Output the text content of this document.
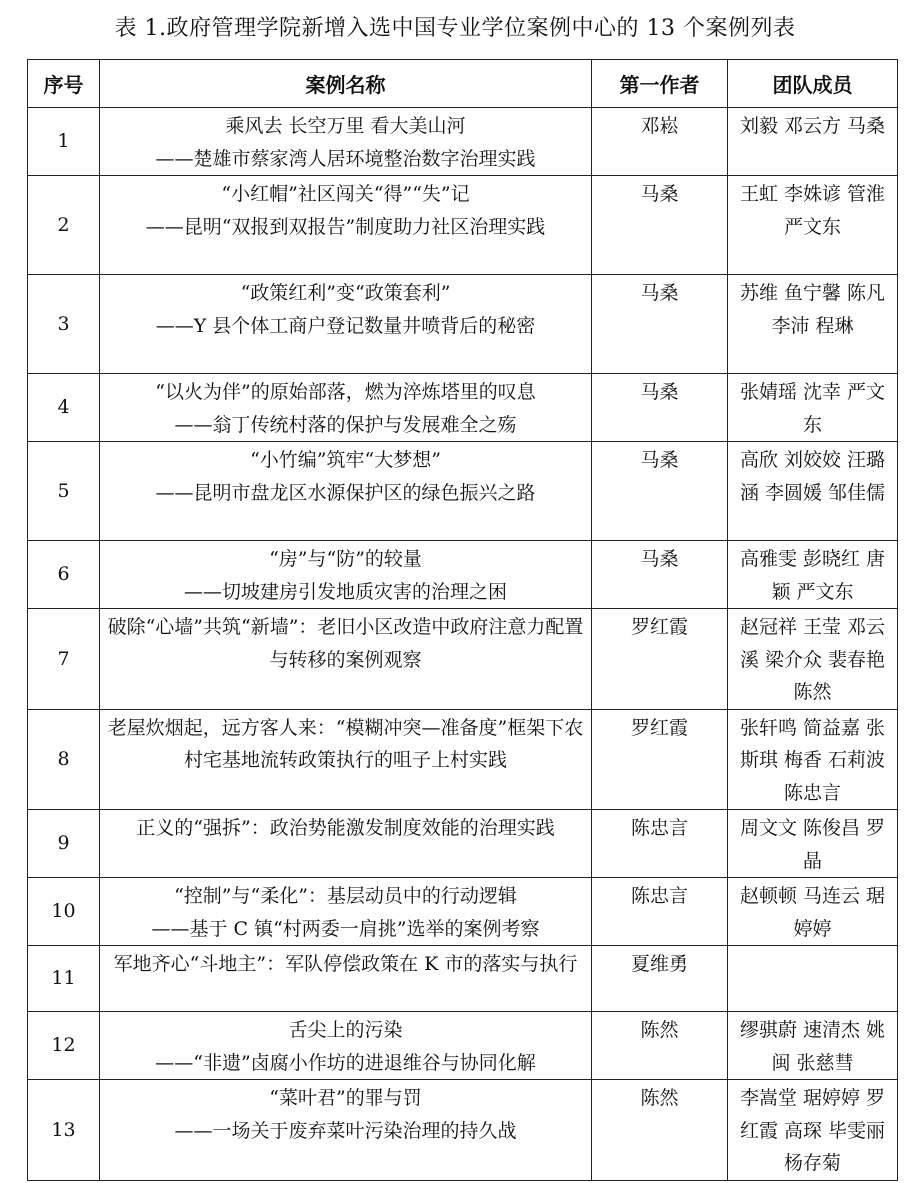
表 1.政府管理学院新增入选中国专业学位案例中心的 13 个案例列表
序号	案例名称	第一作者	团队成员
1	乘风去 长空万里 看大美山河
——楚雄市蔡家湾人居环境整治数字治理实践	邓崧	刘毅 邓云方 马桑

2	“小红帽”社区闯关“得”“失”记
——昆明“双报到双报告”制度助力社区治理实践	马桑	王虹 李姝谚 管淮 严文东

3	“政策红利”变“政策套利”
——Y 县个体工商户登记数量井喷背后的秘密	马桑	苏维 鱼宁馨 陈凡 李沛 程琳

4	“以火为伴”的原始部落，燃为淬炼塔里的叹息
——翁丁传统村落的保护与发展难全之殇	马桑	张婧瑶 沈幸 严文东

5	“小竹编”筑牢“大梦想”
——昆明市盘龙区水源保护区的绿色振兴之路	马桑	高欣 刘姣姣 汪璐涵 李圆媛 邹佳儒

6	“房”与“防”的较量
——切坡建房引发地质灾害的治理之困	马桑	高雅雯 彭晓红 唐颖 严文东

7	破除“心墙”共筑“新墙”：老旧小区改造中政府注意力配置与转移的案例观察	罗红霞	赵冠祥 王莹 邓云溪 梁介众 裴春艳 陈然

8	老屋炊烟起，远方客人来：“模糊冲突—准备度”框架下农村宅基地流转政策执行的咀子上村实践	罗红霞	张轩鸣 简益嘉 张斯琪 梅香 石莉波 陈忠言

9	正义的“强拆”：政治势能激发制度效能的治理实践	陈忠言	周文文 陈俊昌 罗晶

10	“控制”与“柔化”：基层动员中的行动逻辑
——基于 C 镇“村两委一肩挑”选举的案例考察	陈忠言	赵顿顿 马连云 琚婷婷

11	军地齐心“斗地主”：军队停偿政策在 K 市的落实与执行	夏维勇	

12	舌尖上的污染
——“非遗”卤腐小作坊的进退维谷与协同化解	陈然	缪骐蔚 速清杰 姚闽 张慈彗

13	“菜叶君”的罪与罚
——一场关于废弃菜叶污染治理的持久战	陈然	李嵩堂 琚婷婷 罗红霞 高琛 毕雯丽 杨存菊
